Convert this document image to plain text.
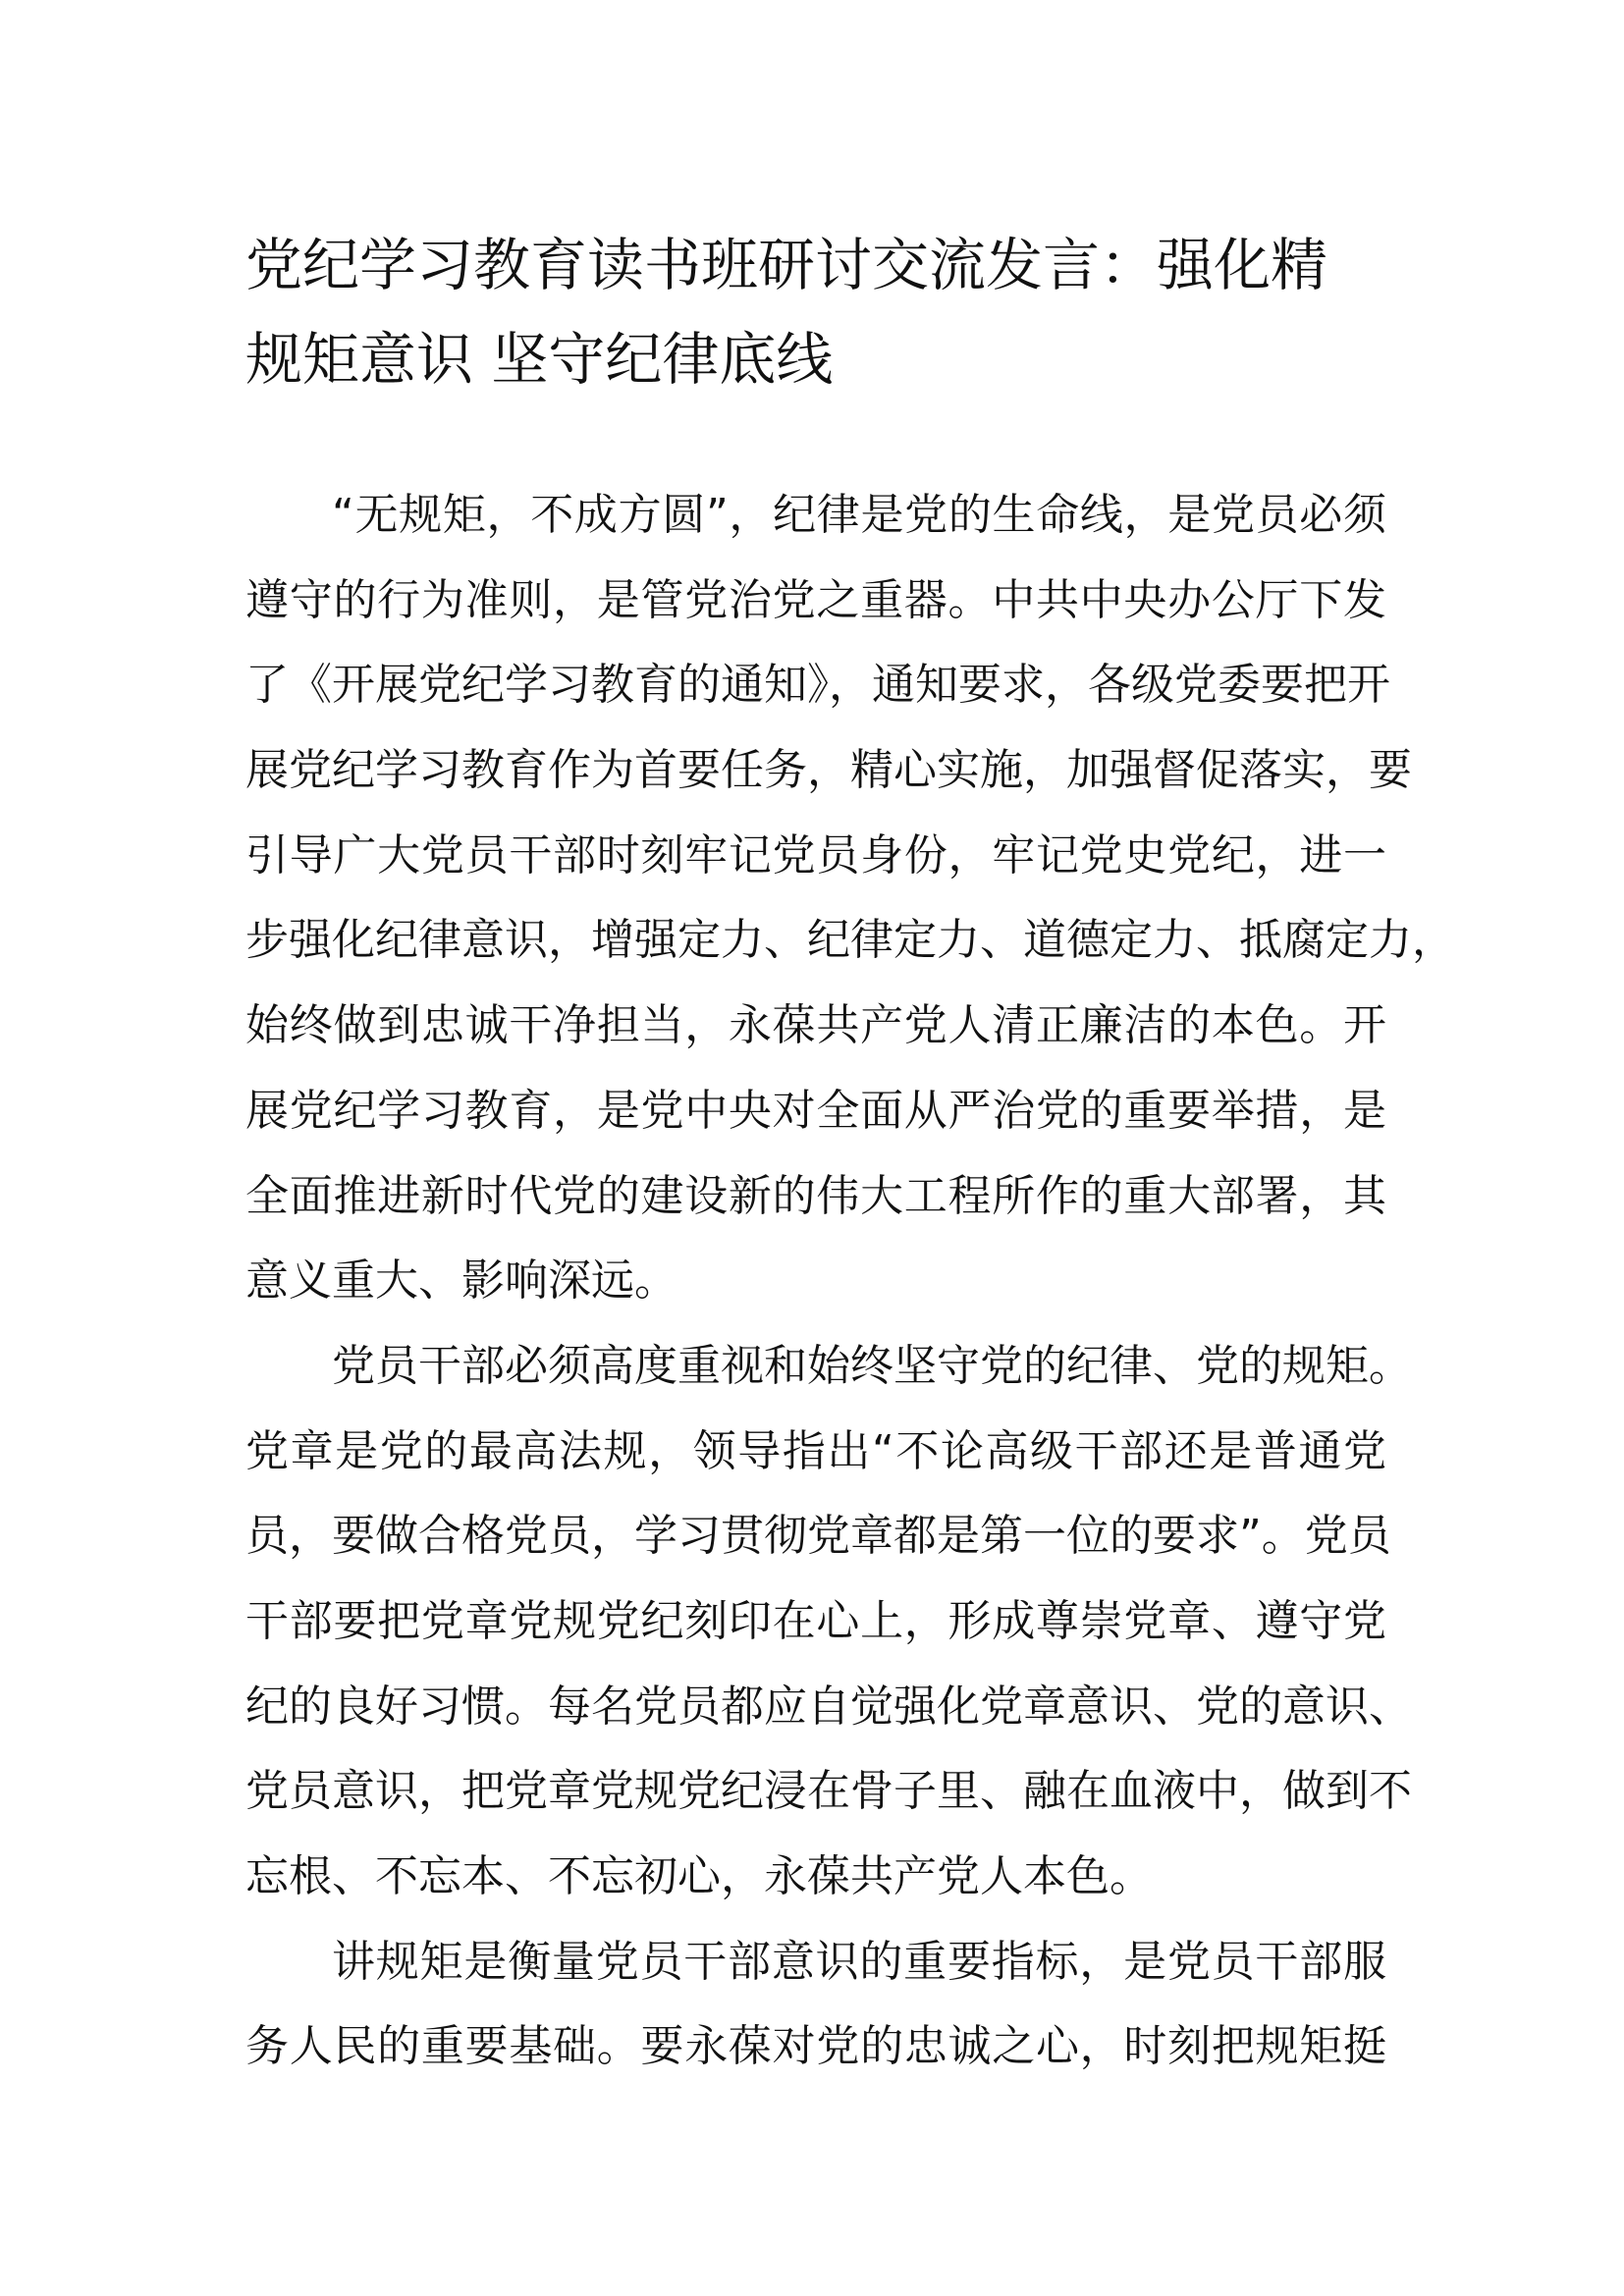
党纪学习教育读书班研讨交流发言：强化精
规矩意识 坚守纪律底线
“无规矩，不成方圆”，纪律是党的生命线，是党员必须
遵守的行为准则，是管党治党之重器。中共中央办公厅下发
了《开展党纪学习教育的通知》，通知要求，各级党委要把开
展党纪学习教育作为首要任务，精心实施，加强督促落实，要
引导广大党员干部时刻牢记党员身份，牢记党史党纪，进一
步强化纪律意识，增强定力、纪律定力、道德定力、抵腐定力，
始终做到忠诚干净担当，永葆共产党人清正廉洁的本色。开
展党纪学习教育，是党中央对全面从严治党的重要举措，是
全面推进新时代党的建设新的伟大工程所作的重大部署，其
意义重大、影响深远。
党员干部必须高度重视和始终坚守党的纪律、党的规矩。
党章是党的最高法规，领导指出“不论高级干部还是普通党
员，要做合格党员，学习贯彻党章都是第一位的要求”。党员
干部要把党章党规党纪刻印在心上，形成尊崇党章、遵守党
纪的良好习惯。每名党员都应自觉强化党章意识、党的意识、
党员意识，把党章党规党纪浸在骨子里、融在血液中，做到不
忘根、不忘本、不忘初心，永葆共产党人本色。
讲规矩是衡量党员干部意识的重要指标，是党员干部服
务人民的重要基础。要永葆对党的忠诚之心，时刻把规矩挺
